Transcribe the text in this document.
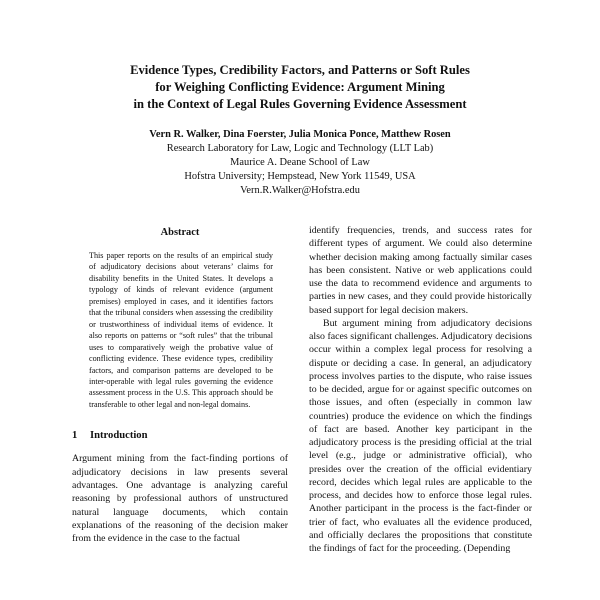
Evidence Types, Credibility Factors, and Patterns or Soft Rules
for Weighing Conflicting Evidence: Argument Mining
in the Context of Legal Rules Governing Evidence Assessment
Vern R. Walker, Dina Foerster, Julia Monica Ponce, Matthew Rosen
Research Laboratory for Law, Logic and Technology (LLT Lab)
Maurice A. Deane School of Law
Hofstra University; Hempstead, New York 11549, USA
Vern.R.Walker@Hofstra.edu
Abstract

This paper reports on the results of an empirical study of adjudicatory decisions about veterans’ claims for disability benefits in the United States. It develops a typology of kinds of relevant evidence (argument premises) employed in cases, and it identifies factors that the tribunal considers when assessing the credibility or trustworthiness of individual items of evidence. It also reports on patterns or “soft rules” that the tribunal uses to comparatively weigh the probative value of conflicting evidence. These evidence types, credibility factors, and comparison patterns are developed to be inter-operable with legal rules governing the evidence assessment process in the U.S. This approach should be transferable to other legal and non-legal domains.

1 Introduction

Argument mining from the fact-finding portions of adjudicatory decisions in law presents several advantages. One advantage is analyzing careful reasoning by professional authors of unstructured natural language documents, which contain explanations of the reasoning of the decision maker from the evidence in the case to the factual

identify frequencies, trends, and success rates for different types of argument. We could also determine whether decision making among factually similar cases has been consistent. Native or web applications could use the data to recommend evidence and arguments to parties in new cases, and they could provide historically based support for legal decision makers.

But argument mining from adjudicatory decisions also faces significant challenges. Adjudicatory decisions occur within a complex legal process for resolving a dispute or deciding a case. In general, an adjudicatory process involves parties to the dispute, who raise issues to be decided, argue for or against specific outcomes on those issues, and often (especially in common law countries) produce the evidence on which the findings of fact are based. Another key participant in the adjudicatory process is the presiding official at the trial level (e.g., judge or administrative official), who presides over the creation of the official evidentiary record, decides which legal rules are applicable to the process, and decides how to enforce those legal rules. Another participant in the process is the fact-finder or trier of fact, who evaluates all the evidence produced, and officially declares the propositions that constitute the findings of fact for the proceeding. (Depending
